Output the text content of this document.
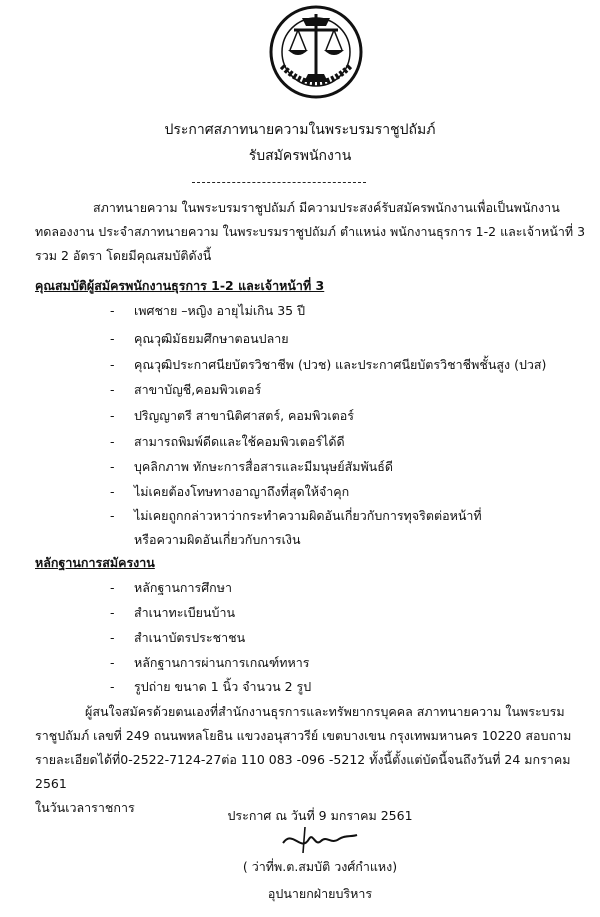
ประกาศสภาทนายความในพระบรมราชูปถัมภ์
รับสมัครพนักงาน
สภาทนายความ ในพระบรมราชูปถัมภ์ มีความประสงค์รับสมัครพนักงานเพื่อเป็นพนักงาน
ทดลองงาน ประจำสภาทนายความ ในพระบรมราชูปถัมภ์ ตำแหน่ง พนักงานธุรการ 1-2 และเจ้าหน้าที่ 3
รวม 2 อัตรา โดยมีคุณสมบัติดังนี้
คุณสมบัติผู้สมัครพนักงานธุรการ 1-2 และเจ้าหน้าที่ 3
-	เพศชาย –หญิง อายุไม่เกิน 35 ปี
-	คุณวุฒิมัธยมศึกษาตอนปลาย
-	คุณวุฒิประกาศนียบัตรวิชาชีพ (ปวช) และประกาศนียบัตรวิชาชีพชั้นสูง (ปวส)
-	สาขาบัญชี,คอมพิวเตอร์
-	ปริญญาตรี สาขานิติศาสตร์, คอมพิวเตอร์
-	สามารถพิมพ์ดีดและใช้คอมพิวเตอร์ได้ดี
-	บุคลิกภาพ ทักษะการสื่อสารและมีมนุษย์สัมพันธ์ดี
-	ไม่เคยต้องโทษทางอาญาถึงที่สุดให้จำคุก
-	ไม่เคยถูกกล่าวหาว่ากระทำความผิดอันเกี่ยวกับการทุจริตต่อหน้าที่
หรือความผิดอันเกี่ยวกับการเงิน
หลักฐานการสมัครงาน
-	หลักฐานการศึกษา
-	สำเนาทะเบียนบ้าน
-	สำเนาบัตรประชาชน
-	หลักฐานการผ่านการเกณฑ์ทหาร
-	รูปถ่าย ขนาด 1 นิ้ว จำนวน 2 รูป
ผู้สนใจสมัครด้วยตนเองที่สำนักงานธุรการและทรัพยากรบุคคล สภาทนายความ ในพระบรม
ราชูปถัมภ์ เลขที่ 249 ถนนพหลโยธิน แขวงอนุสาวรีย์ เขตบางเขน กรุงเทพมหานคร 10220 สอบถาม
รายละเอียดได้ที่0-2522-7124-27ต่อ 110 083 -096 -5212 ทั้งนี้ตั้งแต่บัดนี้จนถึงวันที่ 24 มกราคม 2561
ในวันเวลาราชการ
ประกาศ ณ วันที่ 9 มกราคม 2561
( ว่าที่พ.ต.สมบัติ วงศ์กำแหง)
อุปนายกฝ่ายบริหาร
